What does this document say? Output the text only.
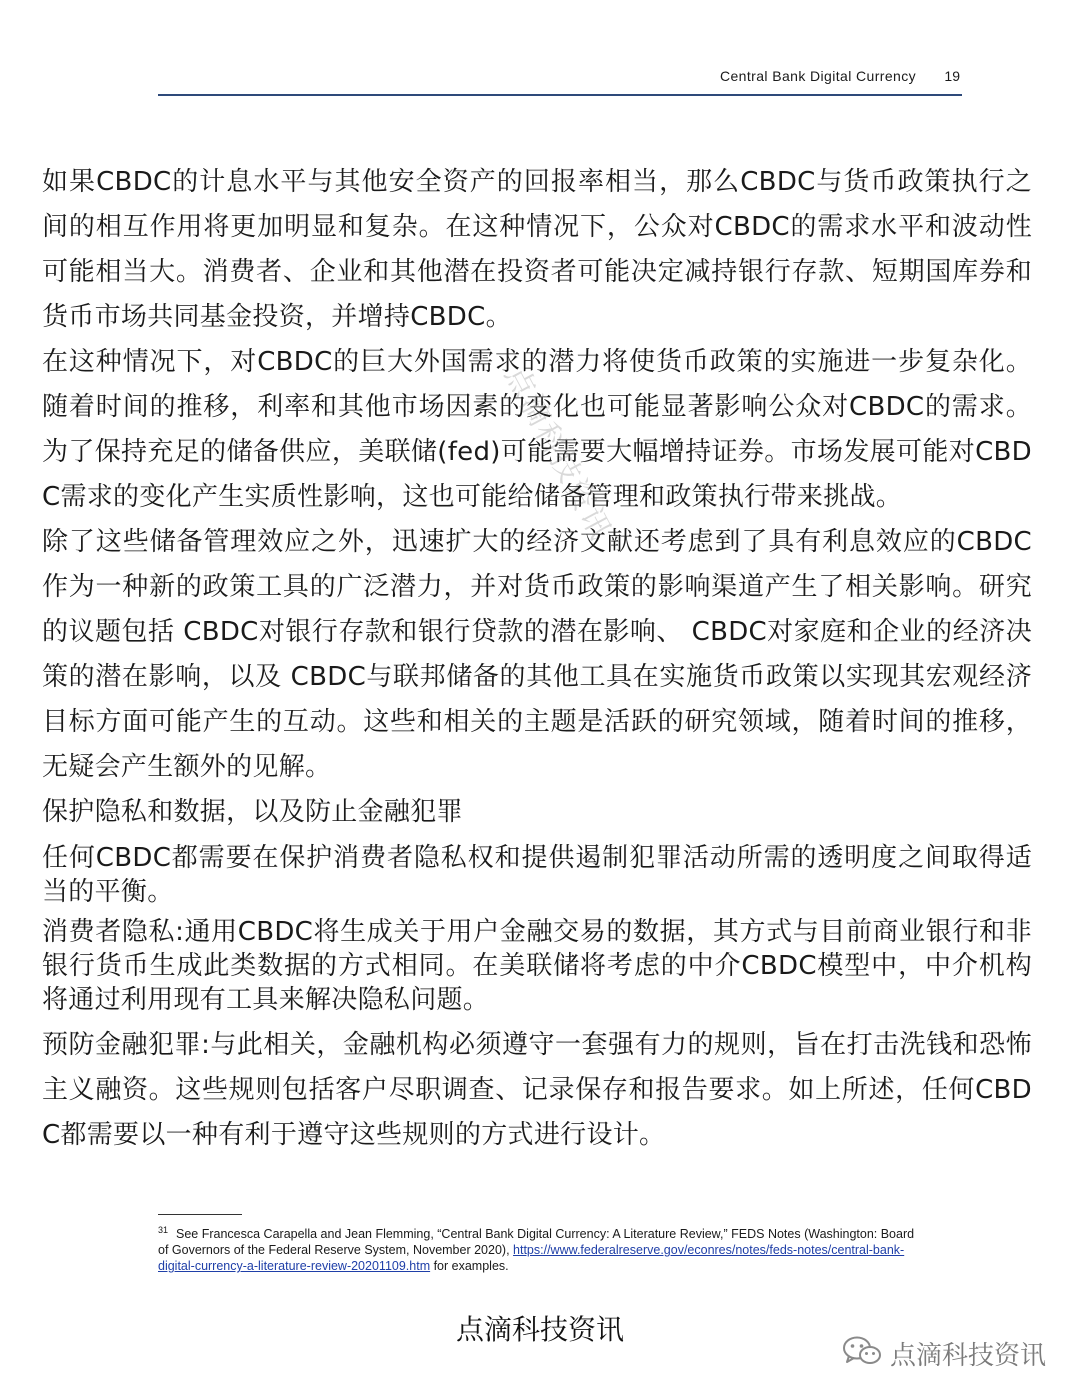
Central Bank Digital Currency 19

如果CBDC的计息水平与其他安全资产的回报率相当，那么CBDC与货币政策执行之间的相互作用将更加明显和复杂。在这种情况下，公众对CBDC的需求水平和波动性可能相当大。消费者、企业和其他潜在投资者可能决定减持银行存款、短期国库券和货币市场共同基金投资，并增持CBDC。

在这种情况下，对CBDC的巨大外国需求的潜力将使货币政策的实施进一步复杂化。随着时间的推移，利率和其他市场因素的变化也可能显著影响公众对CBDC的需求。为了保持充足的储备供应，美联储(fed)可能需要大幅增持证券。市场发展可能对CBDC需求的变化产生实质性影响，这也可能给储备管理和政策执行带来挑战。

除了这些储备管理效应之外，迅速扩大的经济文献还考虑到了具有利息效应的CBDC作为一种新的政策工具的广泛潜力，并对货币政策的影响渠道产生了相关影响。研究的议题包括 CBDC对银行存款和银行贷款的潜在影响、 CBDC对家庭和企业的经济决策的潜在影响，以及 CBDC与联邦储备的其他工具在实施货币政策以实现其宏观经济目标方面可能产生的互动。这些和相关的主题是活跃的研究领域，随着时间的推移，无疑会产生额外的见解。

保护隐私和数据，以及防止金融犯罪

任何CBDC都需要在保护消费者隐私权和提供遏制犯罪活动所需的透明度之间取得适当的平衡。

消费者隐私:通用CBDC将生成关于用户金融交易的数据，其方式与目前商业银行和非银行货币生成此类数据的方式相同。在美联储将考虑的中介CBDC模型中，中介机构将通过利用现有工具来解决隐私问题。

预防金融犯罪:与此相关，金融机构必须遵守一套强有力的规则，旨在打击洗钱和恐怖主义融资。这些规则包括客户尽职调查、记录保存和报告要求。如上所述，任何CBDC都需要以一种有利于遵守这些规则的方式进行设计。

点滴科技资讯
$^{31}$ See Francesca Carapella and Jean Flemming, “Central Bank Digital Currency: A Literature Review,” FEDS Notes (Washington: Board of Governors of the Federal Reserve System, November 2020), https://www.federalreserve.gov/econres/notes/feds-notes/central-bank-digital-currency-a-literature-review-20201109.htm for examples.
点滴科技资讯
点滴科技资讯
